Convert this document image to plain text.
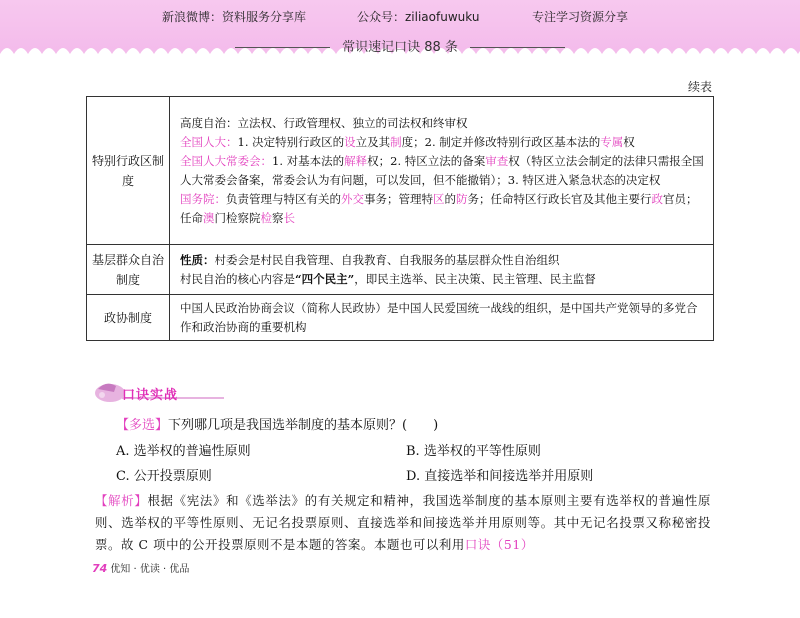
新浪微博：资料服务分享库	公众号：ziliaofuwuku	专注学习资源分享
常识速记口诀 88 条
续表
特别行政区制度	高度自治：立法权、行政管理权、独立的司法权和终审权
全国人大：1. 决定特别行政区的设立及其制度；2. 制定并修改特别行政区基本法的专属权
全国人大常委会：1. 对基本法的解释权；2. 特区立法的备案审查权（特区立法会制定的法律只需报全国人大常委会备案，常委会认为有问题，可以发回，但不能撤销）；3. 特区进入紧急状态的决定权
国务院：负责管理与特区有关的外交事务；管理特区的防务；任命特区行政长官及其他主要行政官员；任命澳门检察院检察长

基层群众自治制度	性质：村委会是村民自我管理、自我教育、自我服务的基层群众性自治组织
村民自治的核心内容是“四个民主”，即民主选举、民主决策、民主管理、民主监督

政协制度	中国人民政治协商会议（简称人民政协）是中国人民爱国统一战线的组织，是中国共产党领导的多党合作和政治协商的重要机构
口诀实战
【多选】下列哪几项是我国选举制度的基本原则？(　　)
A. 选举权的普遍性原则	B. 选举权的平等性原则
C. 公开投票原则	D. 直接选举和间接选举并用原则
【解析】根据《宪法》和《选举法》的有关规定和精神，我国选举制度的基本原则主要有选举权的普遍性原则、选举权的平等性原则、无记名投票原则、直接选举和间接选举并用原则等。其中无记名投票又称秘密投票。故 C 项中的公开投票原则不是本题的答案。本题也可以利用口诀（51）
74 优知 · 优读 · 优品
